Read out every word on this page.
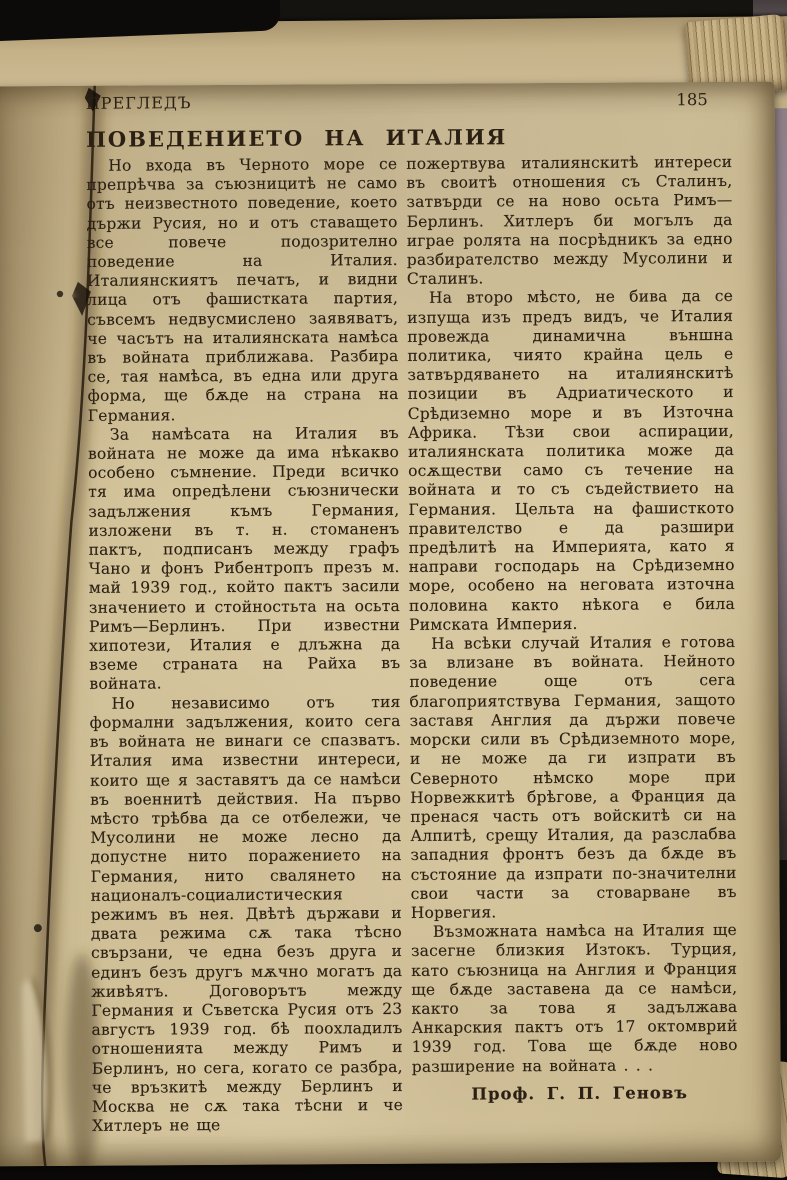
ПРЕГЛЕДЪ	185
ПОВЕДЕНИЕТО НА ИТАЛИЯ

Но входа въ Черното море се препрѣчва за съюзницитѣ не само отъ неизвестното поведение, което държи Русия, но и отъ ставащето все повече подозрително поведение на Италия. Италиянскиятъ печатъ, и видни лица отъ фашистката партия, съвсемъ недвусмислено заявяватъ, че часътъ на италиянската намѣса въ войната приближава. Разбира се, тая намѣса, въ една или друга форма, ще бѫде на страна на Германия.

За намѣсата на Италия въ войната не може да има нѣкакво особено съмнение. Преди всичко тя има опредѣлени съюзнически задължения къмъ Германия, изложени въ т. н. стоманенъ пактъ, подписанъ между графъ Чано и фонъ Рибентропъ презъ м. май 1939 год., който пактъ засили значението и стойностьта на осьта Римъ—Берлинъ. При известни хипотези, Италия е длъжна да вземе страната на Райха въ войната.

Но независимо отъ тия формални задължения, които сега въ войната не винаги се спазватъ. Италия има известни интереси, които ще я заставятъ да се намѣси въ военнитѣ действия. На първо мѣсто трѣбва да се отбележи, че Мусолини не може лесно да допустне нито поражението на Германия, нито свалянето на националъ-социалистическия режимъ въ нея. Двѣтѣ държави и двата режима сѫ така тѣсно свързани, че една безъ друга и единъ безъ другъ мѫчно могатъ да живѣятъ. Договорътъ между Германия и Съветска Русия отъ 23 августъ 1939 год. бѣ поохладилъ отношенията между Римъ и Берлинъ, но сега, когато се разбра, че връзкитѣ между Берлинъ и Москва не сѫ така тѣсни и че Хитлеръ не ще

пожертвува италиянскитѣ интереси въ своитѣ отношения съ Сталинъ, затвърди се на ново осьта Римъ—Берлинъ. Хитлеръ би могълъ да играе ролята на посрѣдникъ за едно разбирателство между Мусолини и Сталинъ.

На второ мѣсто, не бива да се изпуща изъ предъ видъ, че Италия провежда динамична външна политика, чиято крайна цель е затвърдяването на италиянскитѣ позиции въ Адриатическото и Срѣдиземно море и въ Източна Африка. Тѣзи свои аспирации, италиянската политика може да осѫществи само съ течение на войната и то съ съдействието на Германия. Цельта на фашисткото правителство е да разшири предѣлитѣ на Империята, като я направи господарь на Срѣдиземно море, особено на неговата източна половина както нѣкога е била Римската Империя.

На всѣки случай Италия е готова за влизане въ войната. Нейното поведение още отъ сега благоприятствува Германия, защото заставя Англия да държи повече морски сили въ Срѣдиземното море, и не може да ги изпрати въ Северното нѣмско море при Норвежкитѣ брѣгове, а Франция да пренася часть отъ войскитѣ си на Алпитѣ, срещу Италия, да разслабва западния фронтъ безъ да бѫде въ състояние да изпрати по-значителни свои части за стоварване въ Норвегия.

Възможната намѣса на Италия ще засегне близкия Изтокъ. Турция, като съюзница на Англия и Франция ще бѫде заставена да се намѣси, както за това я задължава Анкарския пактъ отъ 17 октомврий 1939 год. Това ще бѫде ново разширение на войната . . .

Проф. Г. П. Геновъ
